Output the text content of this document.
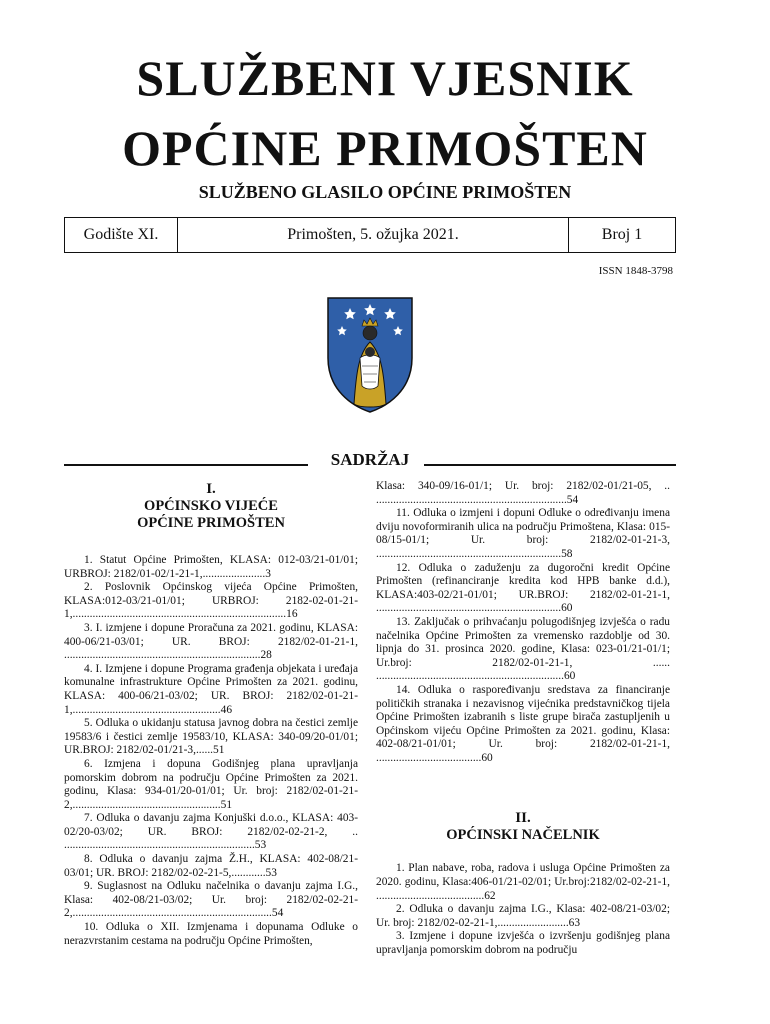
SLUŽBENI VJESNIK
OPĆINE PRIMOŠTEN
SLUŽBENO GLASILO OPĆINE PRIMOŠTEN
Godište XI.	Primošten, 5. ožujka 2021.	Broj 1
ISSN 1848-3798
SADRŽAJ

I.

OPĆINSKO VIJEĆE

OPĆINE PRIMOŠTEN

1. Statut Općine Primošten, KLASA: 012-03/21-01/01; URBROJ: 2182/01-02/1-21-1,......................3

2. Poslovnik Općinskog vijeća Općine Primošten, KLASA:012-03/21-01/01; URBROJ: 2182-02-01-21-1,...........................................................................16

3. I. izmjene i dopune Proračuna za 2021. godinu, KLASA: 400-06/21-03/01; UR. BROJ: 2182/02-01-21-1, .....................................................................28

4. I. Izmjene i dopune Programa građenja objekata i uređaja komunalne infrastrukture Općine Primošten za 2021. godinu, KLASA: 400-06/21-03/02; UR. BROJ: 2182/02-01-21-1,....................................................46

5. Odluka o ukidanju statusa javnog dobra na čestici zemlje 19583/6 i čestici zemlje 19583/10, KLASA: 340-09/20-01/01; UR.BROJ: 2182/02-01/21-3,......51

6. Izmjena i dopuna Godišnjeg plana upravljanja pomorskim dobrom na području Općine Primošten za 2021. godinu, Klasa: 934-01/20-01/01; Ur. broj: 2182/02-01-21-2,....................................................51

7. Odluka o davanju zajma Konjuški d.o.o., KLASA: 403-02/20-03/02; UR. BROJ: 2182/02-02-21-2, .. ...................................................................53

8. Odluka o davanju zajma Ž.H., KLASA: 402-08/21-03/01; UR. BROJ: 2182/02-02-21-5,............53

9. Suglasnost na Odluku načelnika o davanju zajma I.G., Klasa: 402-08/21-03/02; Ur. broj: 2182/02-02-21-2,......................................................................54

10. Odluka o XII. Izmjenama i dopunama Odluke o nerazvrstanim cestama na području Općine Primošten,

Klasa: 340-09/16-01/1; Ur. broj: 2182/02-01/21-05, .. ...................................................................54

11. Odluka o izmjeni i dopuni Odluke o određivanju imena dviju novoformiranih ulica na području Primoštena, Klasa: 015-08/15-01/1; Ur. broj: 2182/02-01-21-3, .................................................................58

12. Odluka o zaduženju za dugoročni kredit Općine Primošten (refinanciranje kredita kod HPB banke d.d.), KLASA:403-02/21-01/01; UR.BROJ: 2182/02-01-21-1, .................................................................60

13. Zaključak o prihvaćanju polugodišnjeg izvješća o radu načelnika Općine Primošten za vremensko razdoblje od 30. lipnja do 31. prosinca 2020. godine, Klasa: 023-01/21-01/1; Ur.broj: 2182/02-01-21-1, ...... ..................................................................60

14. Odluka o raspoređivanju sredstava za financiranje političkih stranaka i nezavisnog vijećnika predstavničkog tijela Općine Primošten izabranih s liste grupe birača zastupljenih u Općinskom vijeću Općine Primošten za 2021. godinu, Klasa: 402-08/21-01/01; Ur. broj: 2182/02-01-21-1, .....................................60

II.

OPĆINSKI NAČELNIK

1. Plan nabave, roba, radova i usluga Općine Primošten za 2020. godinu, Klasa:406-01/21-02/01; Ur.broj:2182/02-02-21-1, ......................................62

2. Odluka o davanju zajma I.G., Klasa: 402-08/21-03/02; Ur. broj: 2182/02-02-21-1,.........................63

3. Izmjene i dopune izvješća o izvršenju godišnjeg plana upravljanja pomorskim dobrom na području
